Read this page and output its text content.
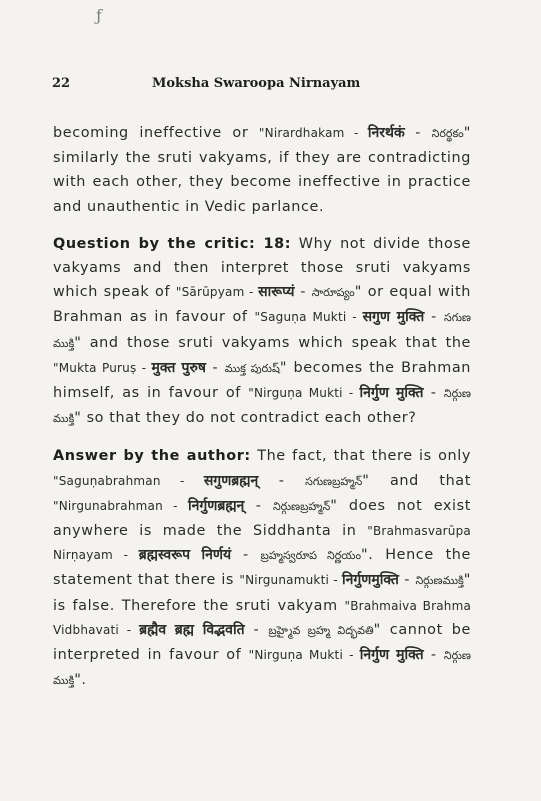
ƒ
22	Moksha Swaroopa Nirnayam

becoming ineffective or "Nirardhakam - निरर्थकं - నిరర్థకం" similarly the sruti vakyams, if they are contradicting with each other, they become ineffective in practice and unauthentic in Vedic parlance.

Question by the critic: 18: Why not divide those vakyams and then interpret those sruti vakyams which speak of "Sārūpyam - सारूप्यं - సారూప్యం" or equal with Brahman as in favour of "Saguṇa Mukti - सगुण मुक्ति - సగుణ ముక్తి" and those sruti vakyams which speak that the "Mukta Puruṣ - मुक्त पुरुष - ముక్త పురుష్" becomes the Brahman himself, as in favour of "Nirguṇa Mukti - निर्गुण मुक्ति - నిర్గుణ ముక్తి" so that they do not contradict each other?

Answer by the author: The fact, that there is only "Saguṇabrahman - सगुणब्रह्मन् - సగుణబ్రహ్మన్" and that "Nirgunabrahman - निर्गुणब्रह्मन् - నిర్గుణబ్రహ్మన్" does not exist anywhere is made the Siddhanta in "Brahmasvarūpa Nirṇayam - ब्रह्मस्वरूप निर्णयं - బ్రహ్మస్వరూప నిర్ణయం". Hence the statement that there is "Nirgunamukti - निर्गुणमुक्ति - నిర్గుణముక్తి" is false. Therefore the sruti vakyam "Brahmaiva Brahma Vidbhavati - ब्रह्मैव ब्रह्म विद्भवति - బ్రహ్మైవ బ్రహ్మ విద్భవతి" cannot be interpreted in favour of "Nirguṇa Mukti - निर्गुण मुक्ति - నిర్గుణ ముక్తి".
